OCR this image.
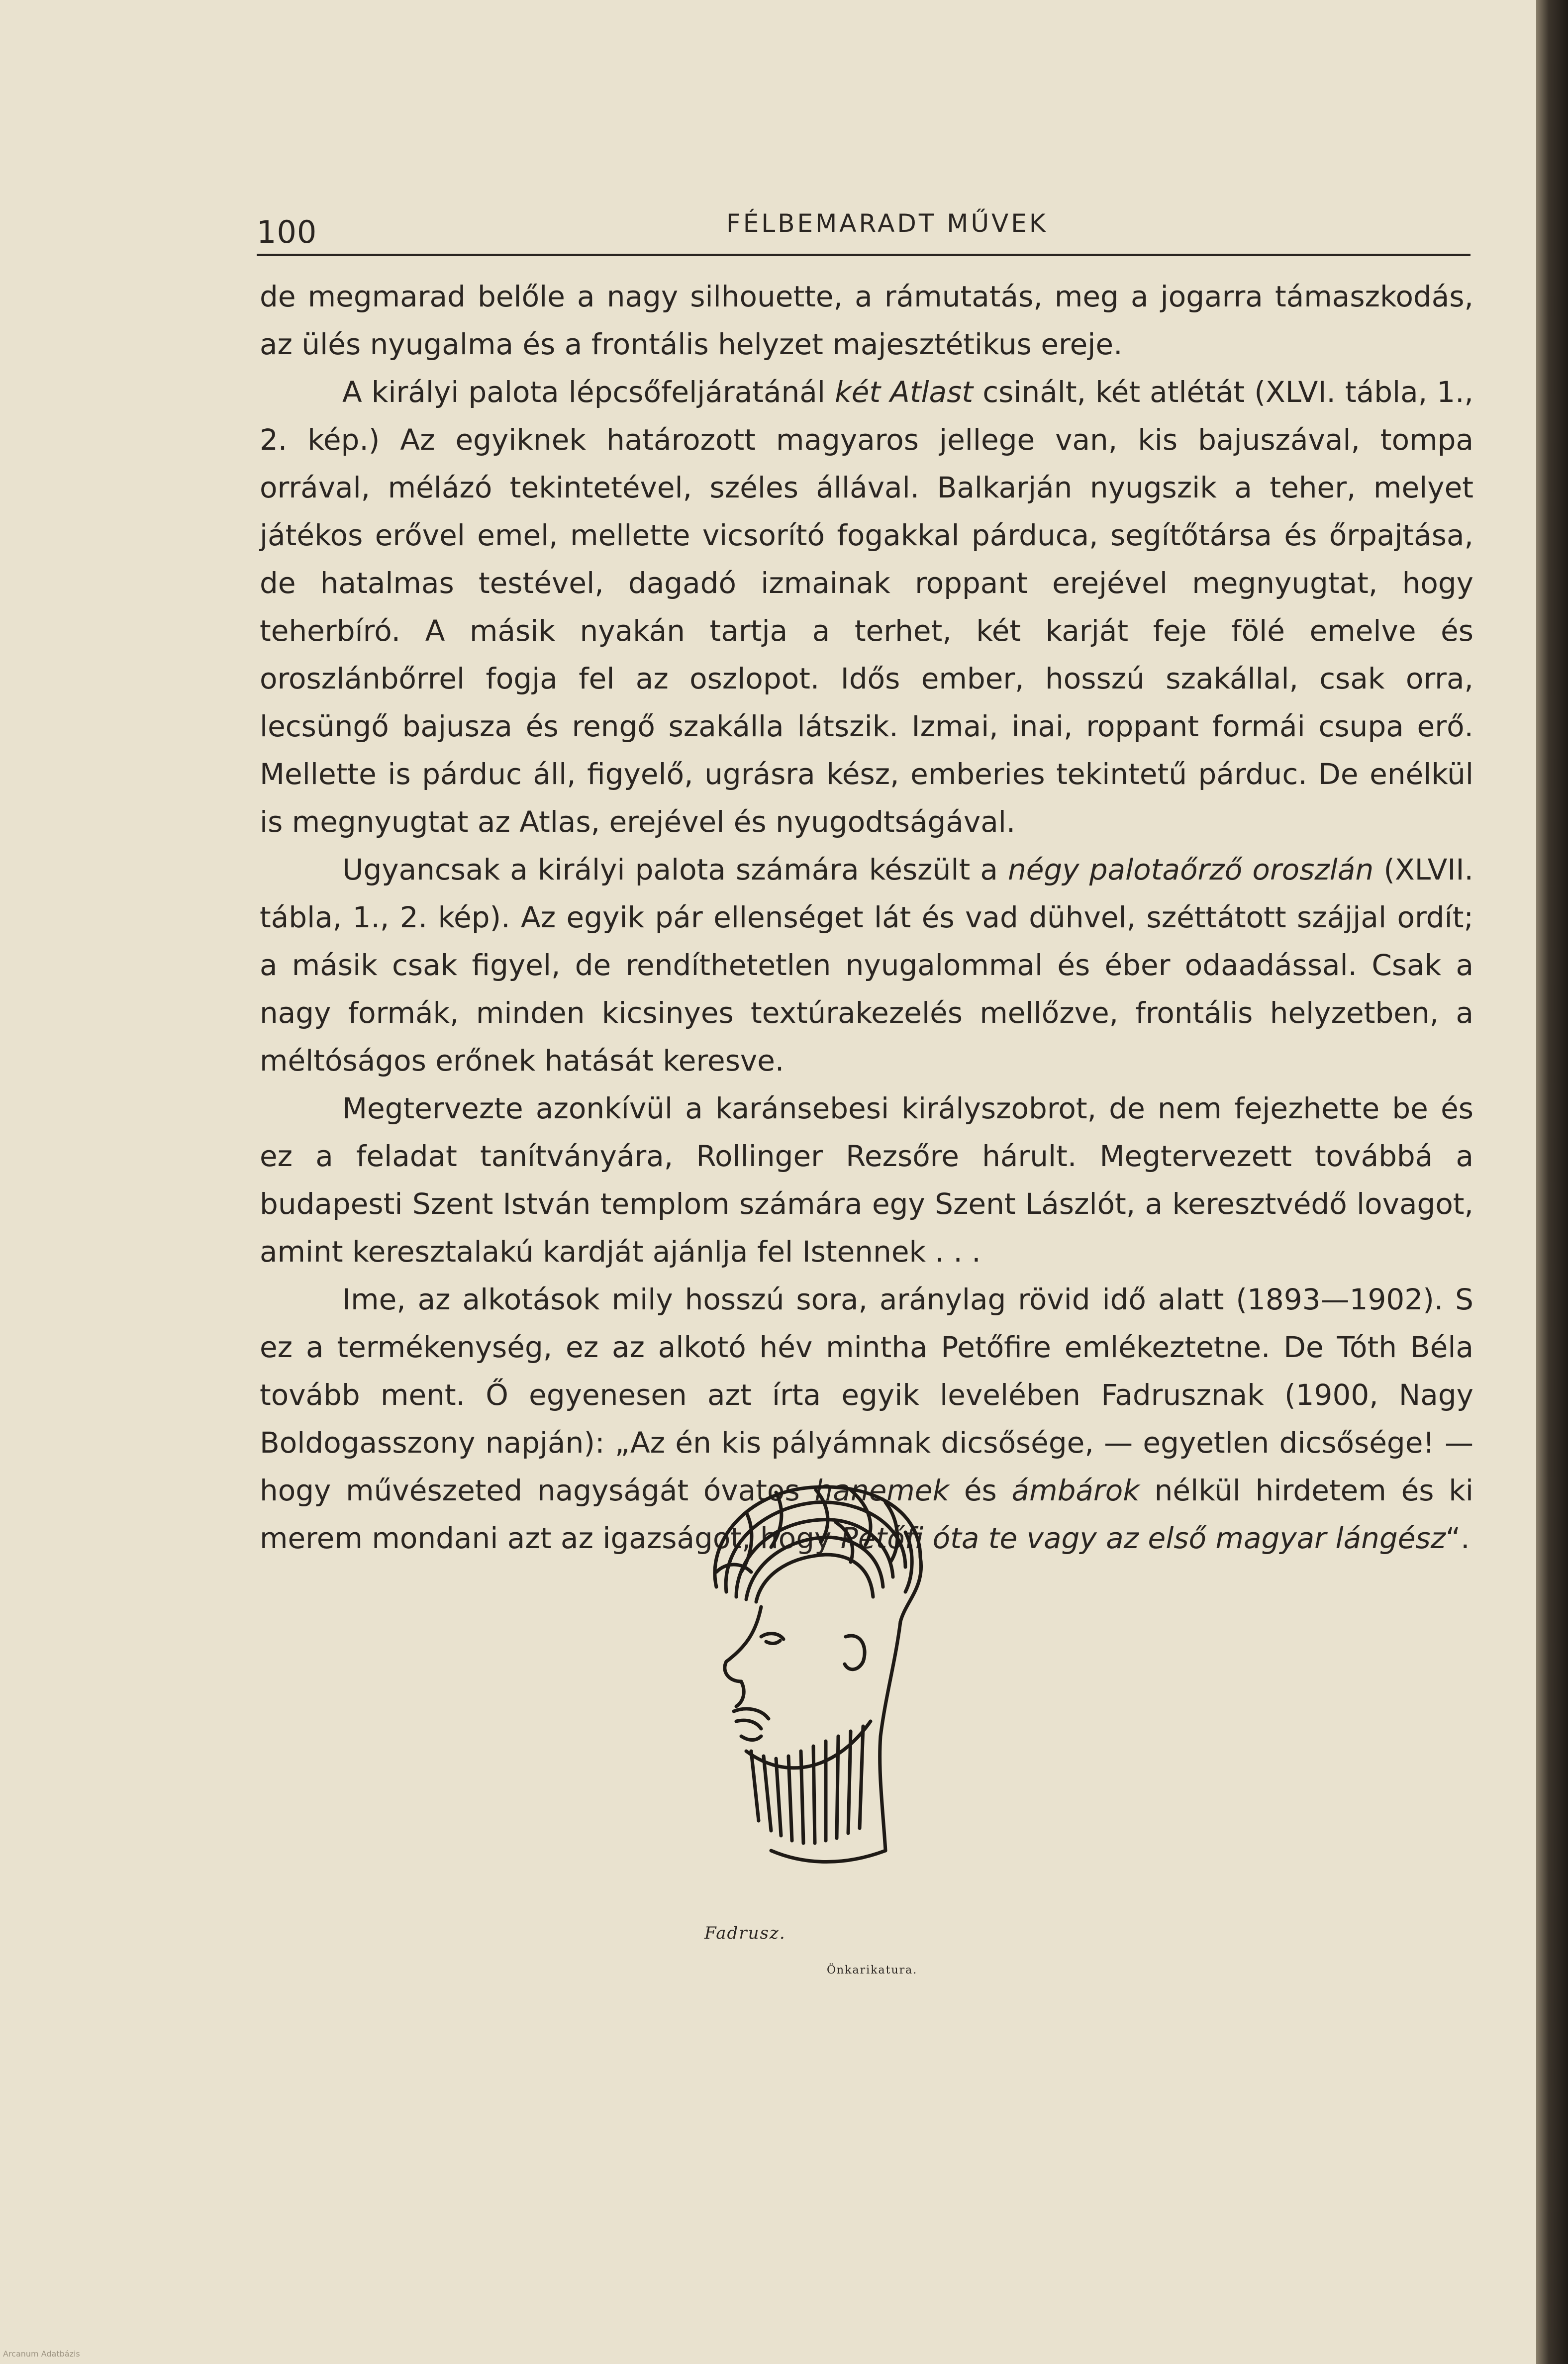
100	FÉLBEMARADT MŰVEK

de megmarad belőle a nagy silhouette, a rámutatás, meg a jogarra támaszkodás, az ülés nyugalma és a frontális helyzet majesztétikus ereje.

A királyi palota lépcsőfeljáratánál két Atlast csinált, két atlétát (XLVI. tábla, 1., 2. kép.) Az egyiknek határozott magyaros jellege van, kis bajuszával, tompa orrával, mélázó tekintetével, széles állával. Balkarján nyugszik a teher, melyet játékos erővel emel, mellette vicsorító fogakkal párduca, segítőtársa és őrpajtása, de hatalmas testével, dagadó izmainak roppant erejével megnyugtat, hogy teherbíró. A másik nyakán tartja a terhet, két karját feje fölé emelve és oroszlánbőrrel fogja fel az oszlopot. Idős ember, hosszú szakállal, csak orra, lecsüngő bajusza és rengő szakálla látszik. Izmai, inai, roppant formái csupa erő. Mellette is párduc áll, figyelő, ugrásra kész, emberies tekintetű párduc. De enélkül is megnyugtat az Atlas, erejével és nyugodtságával.

Ugyancsak a királyi palota számára készült a négy palotaőrző oroszlán (XLVII. tábla, 1., 2. kép). Az egyik pár ellenséget lát és vad dühvel, széttátott szájjal ordít; a másik csak figyel, de rendíthetetlen nyugalommal és éber odaadással. Csak a nagy formák, minden kicsinyes textúrakezelés mellőzve, frontális helyzetben, a méltóságos erőnek hatását keresve.

Megtervezte azonkívül a karánsebesi királyszobrot, de nem fejezhette be és ez a feladat tanítványára, Rollinger Rezsőre hárult. Megtervezett továbbá a budapesti Szent István templom számára egy Szent Lászlót, a keresztvédő lovagot, amint keresztalakú kardját ajánlja fel Istennek . . .

Ime, az alkotások mily hosszú sora, aránylag rövid idő alatt (1893—1902). S ez a termékenység, ez az alkotó hév mintha Petőfire emlékeztetne. De Tóth Béla tovább ment. Ő egyenesen azt írta egyik levelében Fadrusznak (1900, Nagy Boldogasszony napján): „Az én kis pályámnak dicsősége, — egyetlen dicsősége! — hogy művészeted nagyságát óvatos hanemek és ámbárok nélkül hirdetem és ki merem mondani azt az igazságot, hogy Petőfi óta te vagy az első magyar lángész“.

Fadrusz.
Önkarikatura.
Arcanum Adatbázis
